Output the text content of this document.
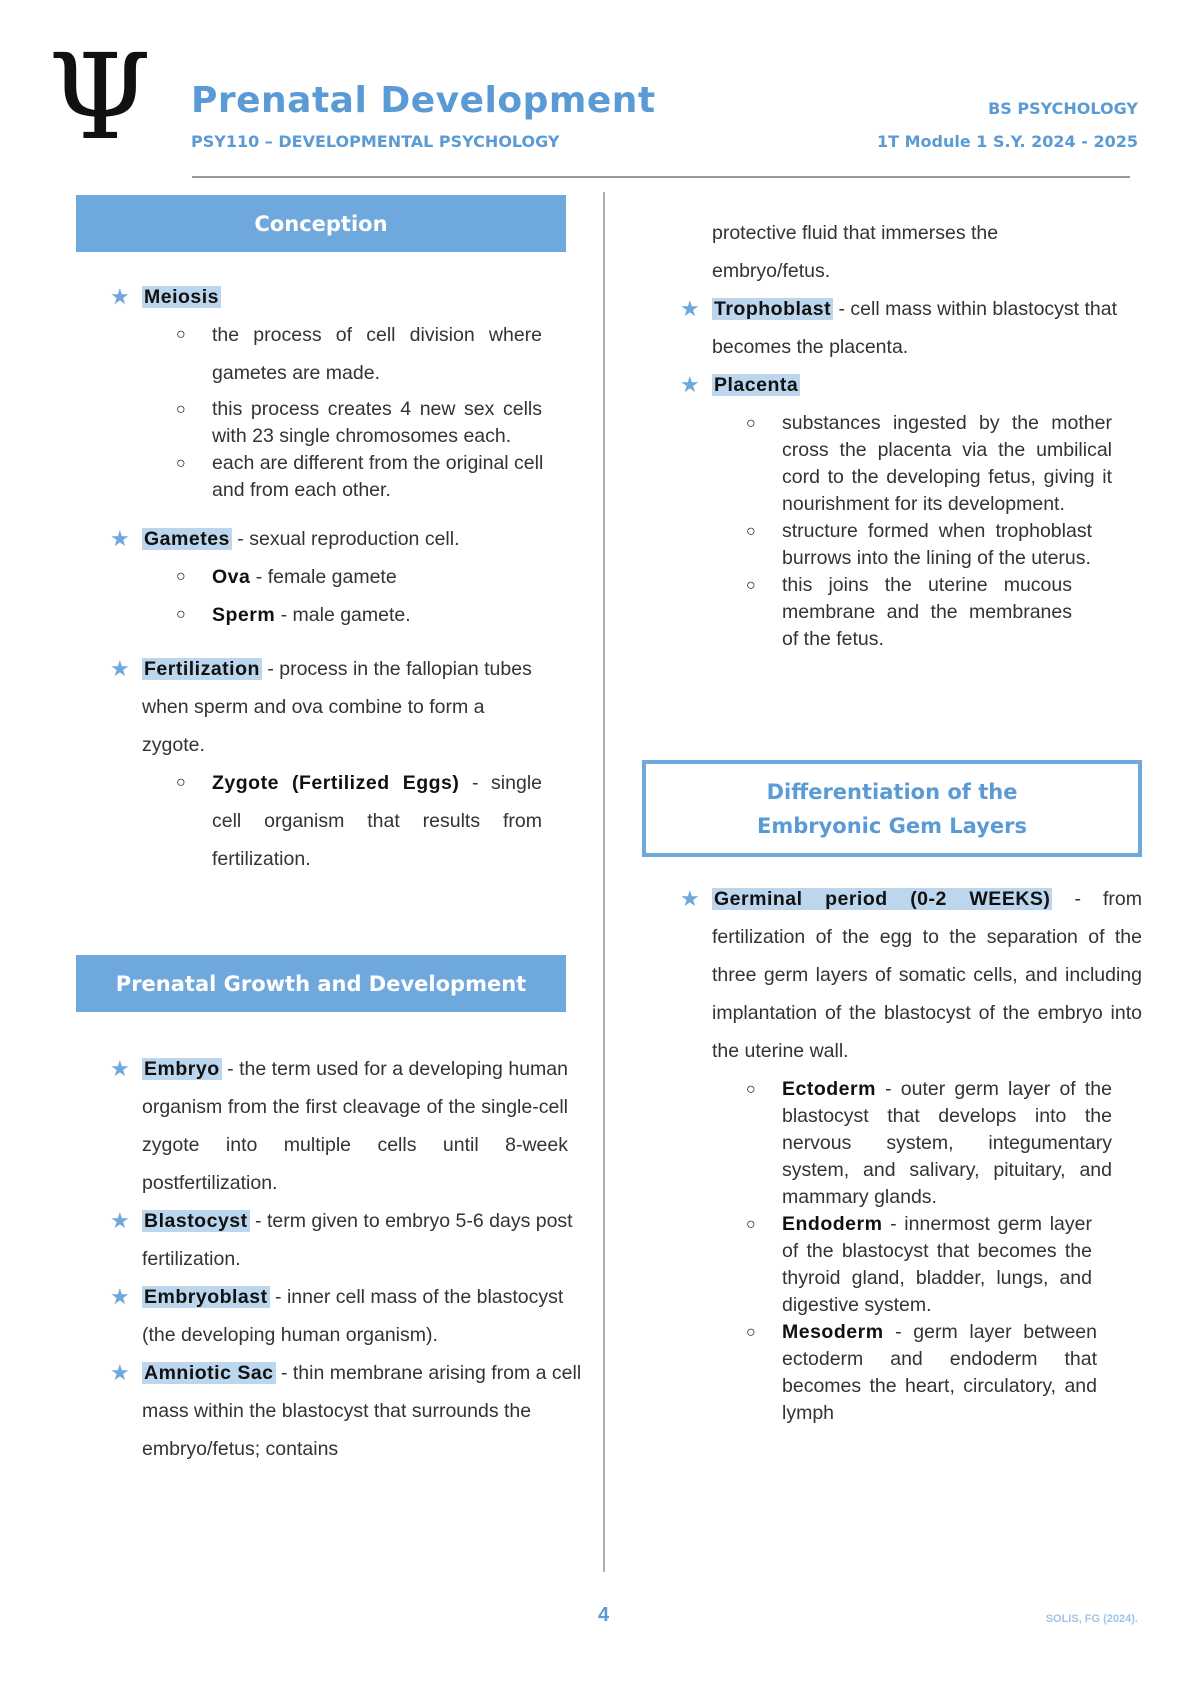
Ψ Prenatal Development
PSY110 – DEVELOPMENTAL PSYCHOLOGY
BS PSYCHOLOGY
1T Module 1 S.Y. 2024 - 2025
Conception

★ Meiosis

○ the process of cell division where gametes are made.

○ this process creates 4 new sex cells with 23 single chromosomes each.
○ each are different from the original cell and from each other.

★ Gametes - sexual reproduction cell.

○ Ova - female gamete

○ Sperm - male gamete.

★ Fertilization - process in the fallopian tubes when sperm and ova combine to form a zygote.

○ Zygote (Fertilized Eggs) - single cell organism that results from fertilization.

Prenatal Growth and Development

★ Embryo - the term used for a developing human organism from the first cleavage of the single-cell zygote into multiple cells until 8-week postfertilization.

★ Blastocyst - term given to embryo 5-6 days post fertilization.

★ Embryoblast - inner cell mass of the blastocyst (the developing human organism).

★ Amniotic Sac - thin membrane arising from a cell mass within the blastocyst that surrounds the embryo/fetus; contains

protective fluid that immerses the embryo/fetus.

★ Trophoblast - cell mass within blastocyst that becomes the placenta.

★ Placenta

○ substances ingested by the mother cross the placenta via the umbilical cord to the developing fetus, giving it nourishment for its development.
○ structure formed when trophoblast burrows into the lining of the uterus.
○ this joins the uterine mucous membrane and the membranes of the fetus.
Differentiation of the
Embryonic Gem Layers

★ Germinal period (0-2 WEEKS) - from fertilization of the egg to the separation of the three germ layers of somatic cells, and including implantation of the blastocyst of the embryo into the uterine wall.

○ Ectoderm - outer germ layer of the blastocyst that develops into the nervous system, integumentary system, and salivary, pituitary, and mammary glands.
○ Endoderm - innermost germ layer of the blastocyst that becomes the thyroid gland, bladder, lungs, and digestive system.
○ Mesoderm - germ layer between ectoderm and endoderm that becomes the heart, circulatory, and lymph
4	SOLIS, FG (2024).
